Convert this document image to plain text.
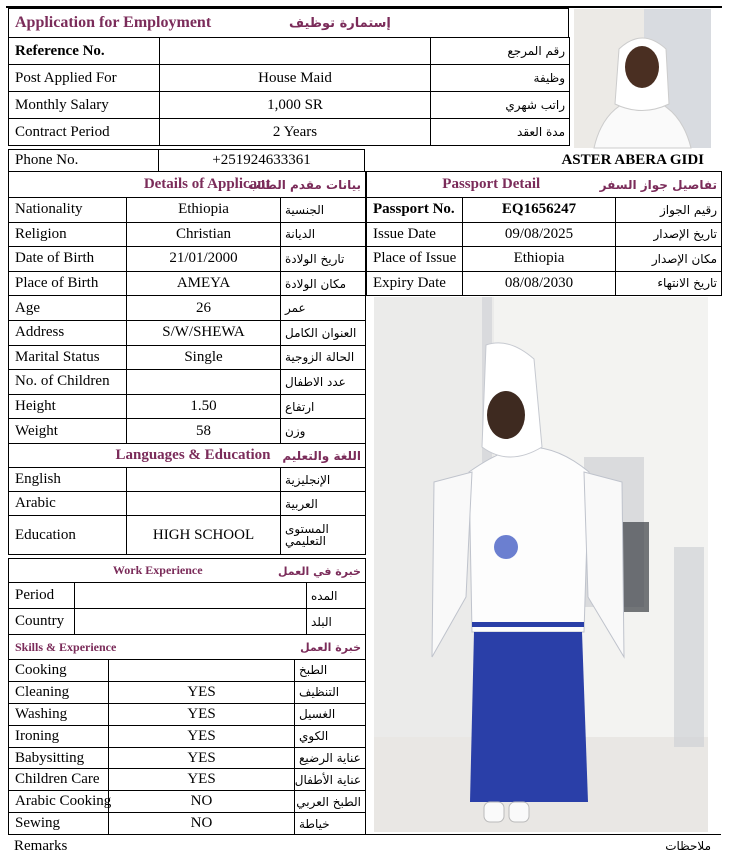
Application for Employment	إستمارة توظيف
Reference No.		رقم المرجع
Post Applied For	House Maid	وظيفة
Monthly Salary	1,000 SR	راتب شهري
Contract Period	2 Years	مدة العقد
Phone No.	+251924633361	ASTER ABERA GIDI
Details of Applicant		بيانات مقدم الطلب
Nationality	Ethiopia	الجنسية
Religion	Christian	الديانة
Date of Birth	21/01/2000	تاريخ الولادة
Place of Birth	AMEYA	مكان الولادة
Age	26	عمر
Address	S/W/SHEWA	العنوان الكامل
Marital Status	Single	الحالة الزوجية
No. of Children		عدد الاطفال
Height	1.50	ارتفاع
Weight	58	وزن
Passport Detail		تفاصيل جواز السفر
Passport No.	EQ1656247	رقيم الجواز
Issue Date	09/08/2025	تاريخ الإصدار
Place of Issue	Ethiopia	مكان الإصدار
Expiry Date	08/08/2030	تاريخ الانتهاء
Languages & Education		اللغة والتعليم
English		الإنجليزية
Arabic		العربية
Education	HIGH SCHOOL	المستوى التعليمي
Work Experience		خبرة في العمل
Period		المده
Country		البلد
Skills & Experience		خبرة العمل
Cooking		الطبخ
Cleaning	YES	التنظيف
Washing	YES	الغسيل
Ironing	YES	الكوي
Babysitting	YES	عناية الرضيع
Children Care	YES	عناية الأطفال
Arabic Cooking	NO	الطبخ العربي
Sewing	NO	خياطة
Remarks	ملاحظات
